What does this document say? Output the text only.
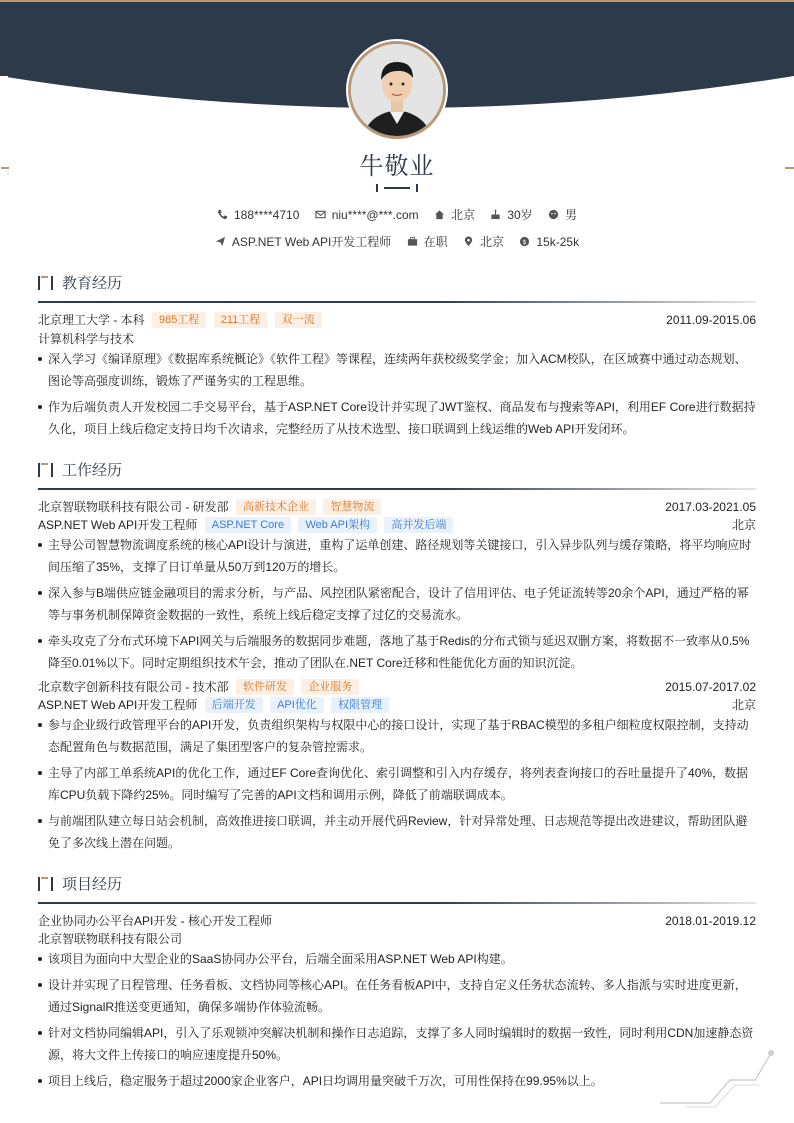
牛敬业
188****4710	niu****@***.com	北京	30岁	男
ASP.NET Web API开发工程师	在职	北京	$ 15k-25k
教育经历
北京理工大学 - 本科 985工程 211工程 双一流	2011.09-2015.06
计算机科学与技术
深入学习《编译原理》《数据库系统概论》《软件工程》等课程，连续两年获校级奖学金；加入ACM校队，在区域赛中通过动态规划、图论等高强度训练，锻炼了严谨务实的工程思维。
作为后端负责人开发校园二手交易平台，基于ASP.NET Core设计并实现了JWT鉴权、商品发布与搜索等API，利用EF Core进行数据持久化，项目上线后稳定支持日均千次请求，完整经历了从技术选型、接口联调到上线运维的Web API开发闭环。
工作经历
北京智联物联科技有限公司 - 研发部 高新技术企业 智慧物流	2017.03-2021.05
ASP.NET Web API开发工程师 ASP.NET Core Web API架构 高并发后端	北京
主导公司智慧物流调度系统的核心API设计与演进，重构了运单创建、路径规划等关键接口，引入异步队列与缓存策略，将平均响应时间压缩了35%，支撑了日订单量从50万到120万的增长。
深入参与B端供应链金融项目的需求分析，与产品、风控团队紧密配合，设计了信用评估、电子凭证流转等20余个API，通过严格的幂等与事务机制保障资金数据的一致性，系统上线后稳定支撑了过亿的交易流水。
牵头攻克了分布式环境下API网关与后端服务的数据同步难题，落地了基于Redis的分布式锁与延迟双删方案，将数据不一致率从0.5%降至0.01%以下。同时定期组织技术午会，推动了团队在.NET Core迁移和性能优化方面的知识沉淀。
北京数字创新科技有限公司 - 技术部 软件研发 企业服务	2015.07-2017.02
ASP.NET Web API开发工程师 后端开发 API优化 权限管理	北京
参与企业级行政管理平台的API开发，负责组织架构与权限中心的接口设计，实现了基于RBAC模型的多租户细粒度权限控制，支持动态配置角色与数据范围，满足了集团型客户的复杂管控需求。
主导了内部工单系统API的优化工作，通过EF Core查询优化、索引调整和引入内存缓存，将列表查询接口的吞吐量提升了40%，数据库CPU负载下降约25%。同时编写了完善的API文档和调用示例，降低了前端联调成本。
与前端团队建立每日站会机制，高效推进接口联调，并主动开展代码Review，针对异常处理、日志规范等提出改进建议，帮助团队避免了多次线上潜在问题。
项目经历
企业协同办公平台API开发 - 核心开发工程师	2018.01-2019.12
北京智联物联科技有限公司
该项目为面向中大型企业的SaaS协同办公平台，后端全面采用ASP.NET Web API构建。
设计并实现了日程管理、任务看板、文档协同等核心API。在任务看板API中，支持自定义任务状态流转、多人指派与实时进度更新，通过SignalR推送变更通知，确保多端协作体验流畅。
针对文档协同编辑API，引入了乐观锁冲突解决机制和操作日志追踪，支撑了多人同时编辑时的数据一致性，同时利用CDN加速静态资源，将大文件上传接口的响应速度提升50%。
项目上线后，稳定服务于超过2000家企业客户，API日均调用量突破千万次，可用性保持在99.95%以上。
